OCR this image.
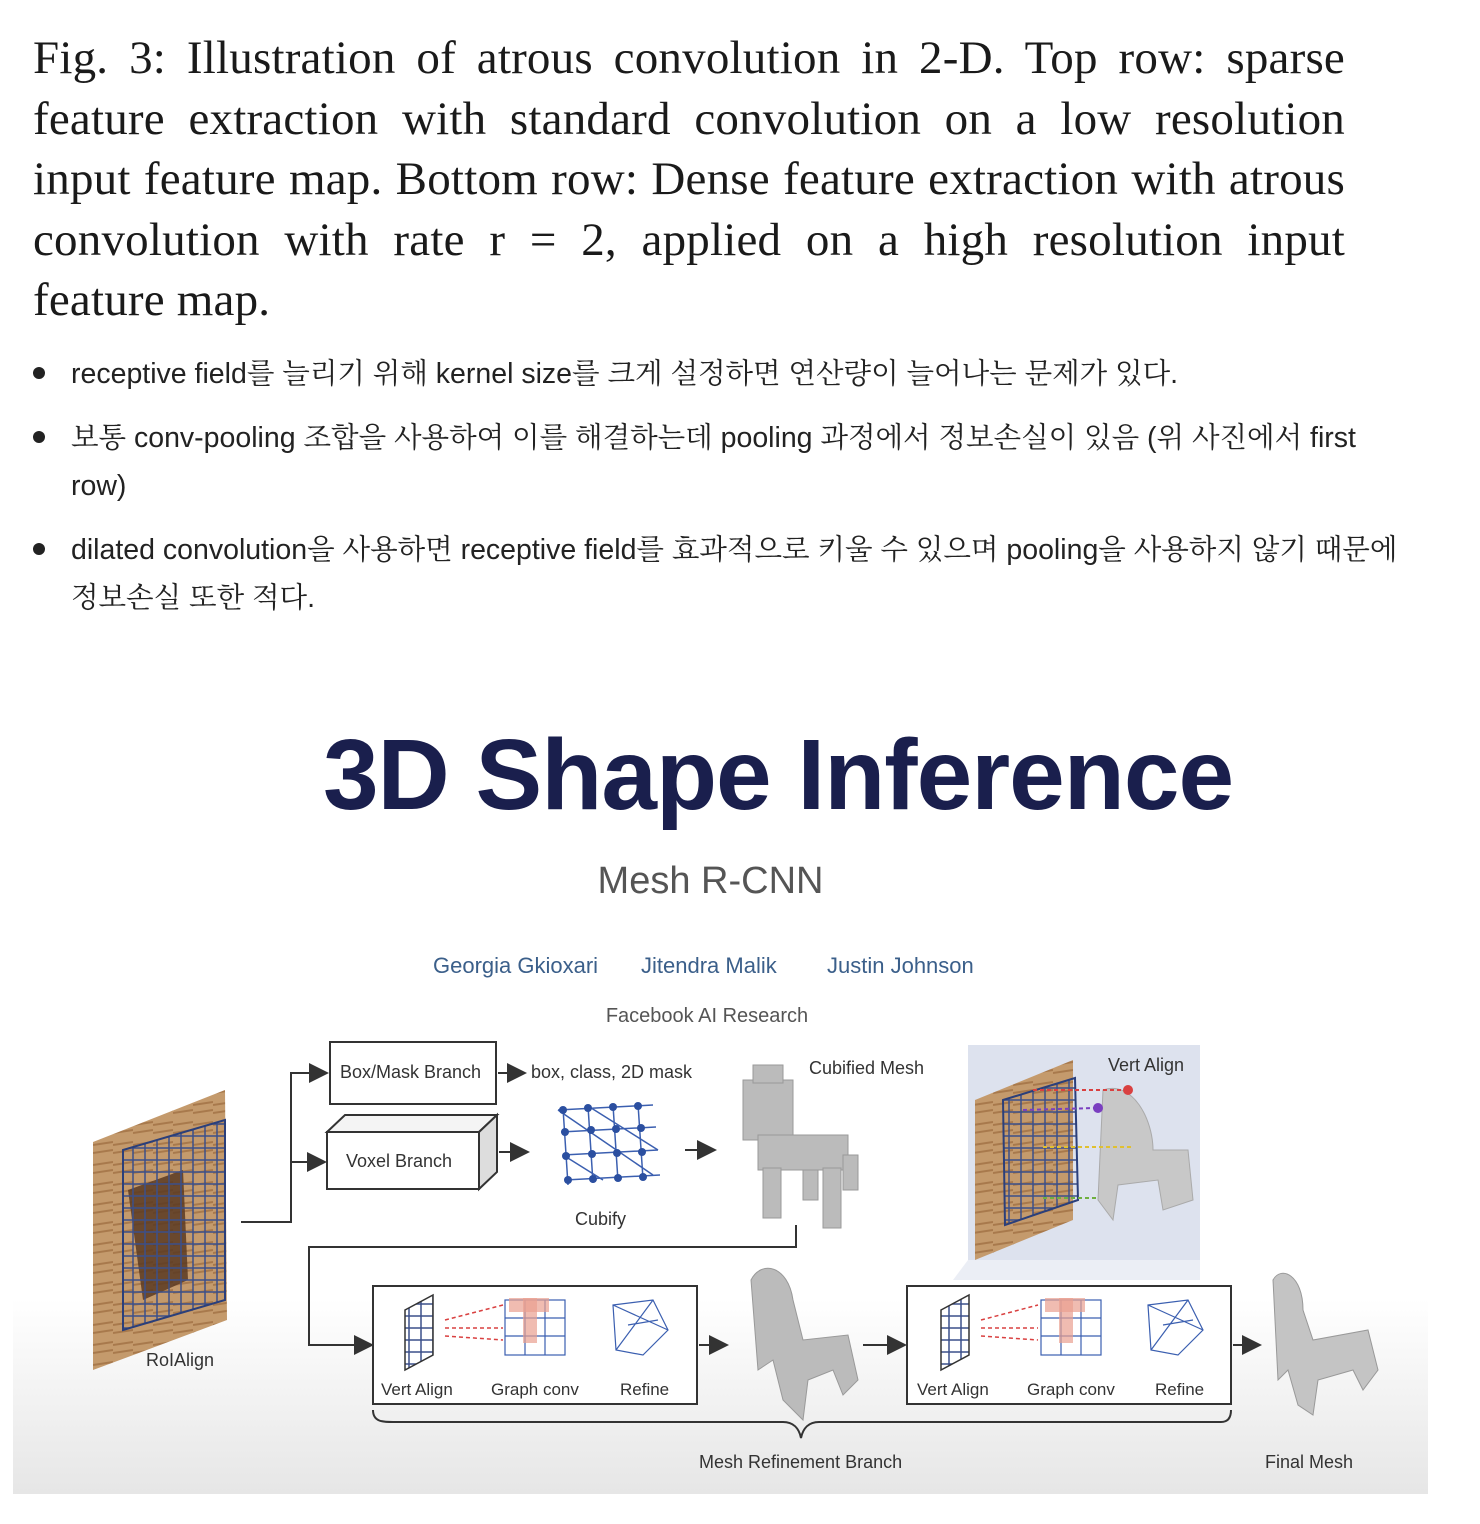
Fig. 3: Illustration of atrous convolution in 2-D. Top row: sparse feature extraction with standard convolution on a low resolution input feature map. Bottom row: Dense feature extraction with atrous convolution with rate r = 2, applied on a high resolution input feature map.
receptive field를 늘리기 위해 kernel size를 크게 설정하면 연산량이 늘어나는 문제가 있다.
보통 conv-pooling 조합을 사용하여 이를 해결하는데 pooling 과정에서 정보손실이 있음 (위 사진에서 first row)
dilated convolution을 사용하면 receptive field를 효과적으로 키울 수 있으며 pooling을 사용하지 않기 때문에 정보손실 또한 적다.
3D Shape Inference
Mesh R-CNN
Georgia Gkioxari Jitendra Malik Justin Johnson
Facebook AI Research
Box/Mask Branch	box, class, 2D mask
Voxel Branch
Cubify
Cubified Mesh	Vert Align
RoIAlign
Vert Align Graph conv Refine	Vert Align Graph conv Refine
Mesh Refinement Branch	Final Mesh
